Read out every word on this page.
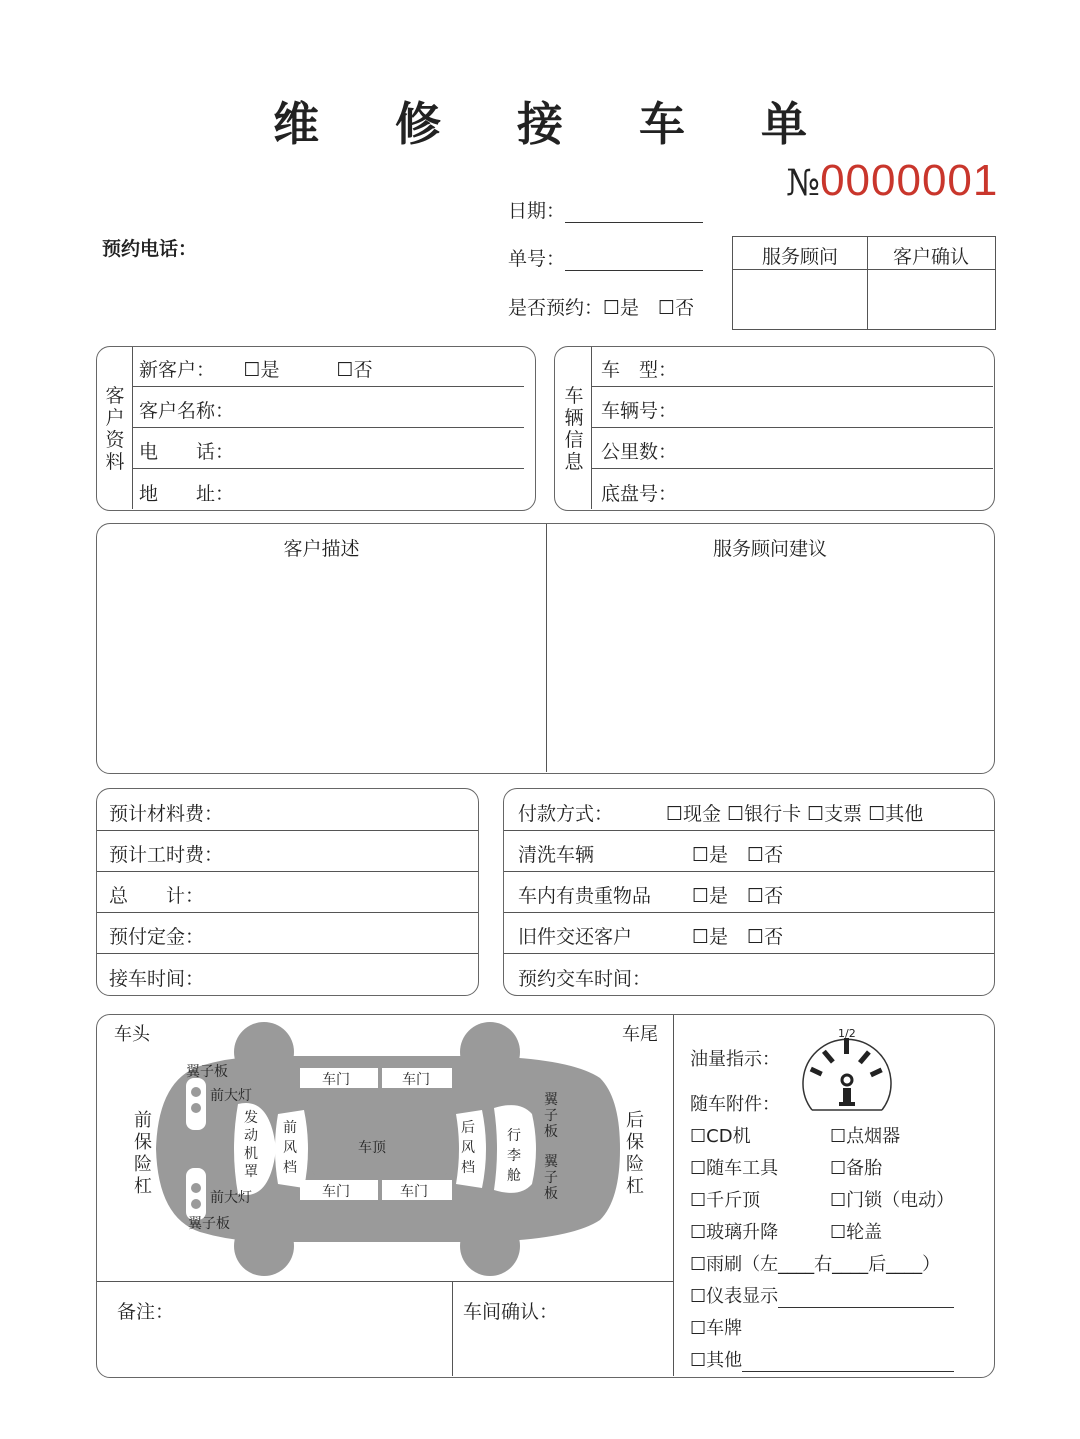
维 修 接 车 单
№0000001
预约电话：
日期：
单号：
是否预约：☐是　☐否
服务顾问	客户确认
客
户
资
料
新客户：　　☐是　　　☐否
客户名称：
电　　话：
地　　址：
车
辆
信
息
车　型：
车辆号：
公里数：
底盘号：
客户描述	服务顾问建议
预计材料费：
预计工时费：
总　　计：
预付定金：
接车时间：
付款方式：	☐现金 ☐银行卡 ☐支票 ☐其他
清洗车辆	☐是　☐否
车内有贵重物品 ☐是　☐否
旧件交还客户	☐是　☐否
预约交车时间：
备注：	车间确认：
车头	车尾
前 保 险 杠
后 保 险 杠
翼子板
前大灯
前大灯
翼子板
发 动 机 罩
前 风 档
车顶
车门	车门
车门	车门
后 风 档
行 李 舱
翼 子 板
翼 子 板
油量指示：
1/2
随车附件：
☐CD机	☐点烟器
☐随车工具	☐备胎
☐千斤顶	☐门锁（电动）
☐玻璃升降	☐轮盖
☐雨刷（左____右____后____）
☐仪表显示
☐车牌
☐其他
